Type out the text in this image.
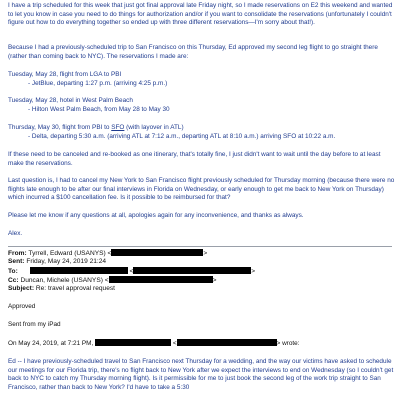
I have a trip scheduled for this week that just got final approval late Friday night, so I made reservations on E2 this weekend and wanted to let you know in case you need to do things for authorization and/or if you want to consolidate the reservations (unfortunately I couldn't figure out how to do everything together so ended up with three different reservations—I'm sorry about that!).
Because I had a previously-scheduled trip to San Francisco on this Thursday, Ed approved my second leg flight to go straight there (rather than coming back to NYC). The reservations I made are:
Tuesday, May 28, flight from LGA to PBI
- JetBlue, departing 1:27 p.m. (arriving 4:25 p.m.)
Tuesday, May 28, hotel in West Palm Beach
- Hilton West Palm Beach, from May 28 to May 30
Thursday, May 30, flight from PBI to SFO (with layover in ATL)
- Delta, departing 5:30 a.m. (arriving ATL at 7:12 a.m., departing ATL at 8:10 a.m.) arriving SFO at 10:22 a.m.
If these need to be canceled and re-booked as one itinerary, that's totally fine, I just didn't want to wait until the day before to at least make the reservations.
Last question is, I had to cancel my New York to San Francisco flight previously scheduled for Thursday morning (because there were no flights late enough to be after our final interviews in Florida on Wednesday, or early enough to get me back to New York on Thursday) which incurred a $100 cancellation fee. Is it possible to be reimbursed for that?
Please let me know if any questions at all, apologies again for any inconvenience, and thanks as always.
Alex.
From: Tyrrell, Edward (USANYS) <	>
Sent: Friday, May 24, 2019 21:24
To:	<	>
Cc: Duncan, Michele (USANYS) <	>
Subject: Re: travel approval request
Approved
Sent from my iPad
On May 24, 2019, at 7:21 PM,	<	> wrote:
Ed -- I have previously-scheduled travel to San Francisco next Thursday for a wedding, and the way our victims have asked to schedule our meetings for our Florida trip, there's no flight back to New York after we expect the interviews to end on Wednesday (so I couldn't get back to NYC to catch my Thursday morning flight). Is it permissible for me to just book the second leg of the work trip straight to San Francisco, rather than back to New York? I'd have to take a 5:30
